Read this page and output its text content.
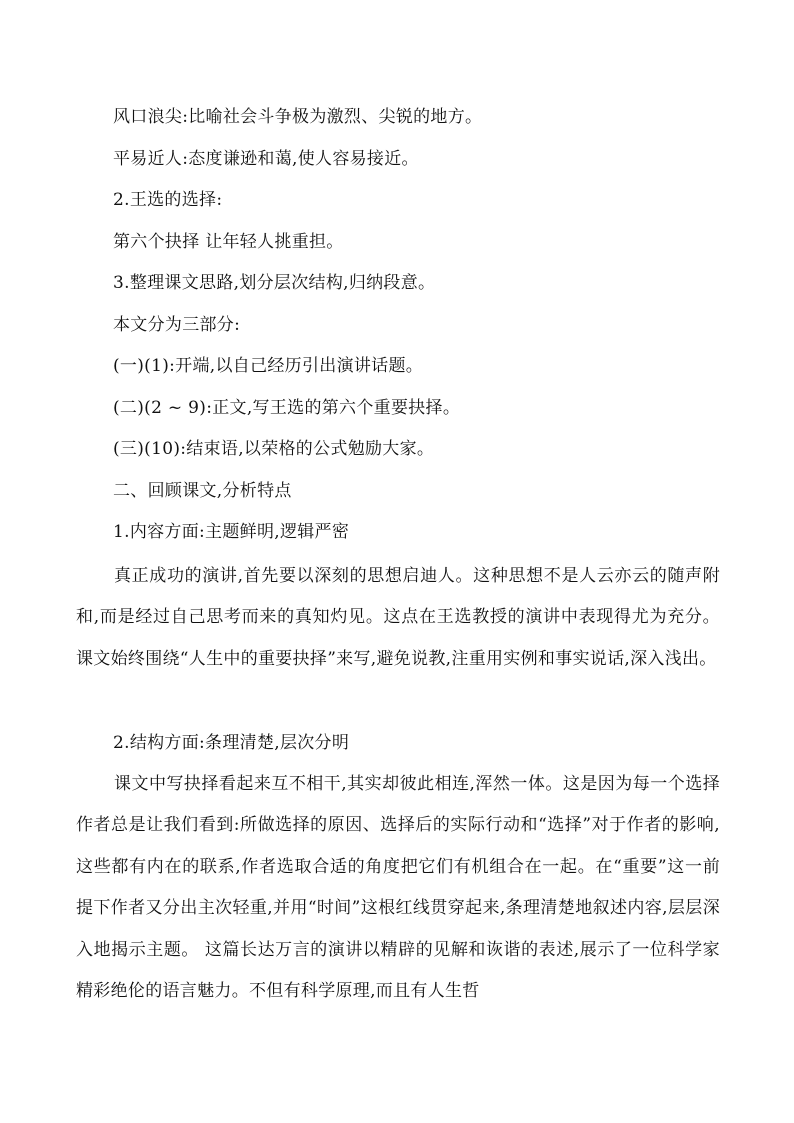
风口浪尖:比喻社会斗争极为激烈、尖锐的地方。
平易近人:态度谦逊和蔼,使人容易接近。
2.王选的选择:
第六个抉择 让年轻人挑重担。
3.整理课文思路,划分层次结构,归纳段意。
本文分为三部分:
(一)(1):开端,以自己经历引出演讲话题。
(二)(2 ~ 9):正文,写王选的第六个重要抉择。
(三)(10):结束语,以荣格的公式勉励大家。
二、回顾课文,分析特点
1.内容方面:主题鲜明,逻辑严密
真正成功的演讲,首先要以深刻的思想启迪人。这种思想不是人云亦云的随声附和,而是经过自己思考而来的真知灼见。这点在王选教授的演讲中表现得尤为充分。课文始终围绕“人生中的重要抉择”来写,避免说教,注重用实例和事实说话,深入浅出。
2.结构方面:条理清楚,层次分明
课文中写抉择看起来互不相干,其实却彼此相连,浑然一体。这是因为每一个选择作者总是让我们看到:所做选择的原因、选择后的实际行动和“选择”对于作者的影响,这些都有内在的联系,作者选取合适的角度把它们有机组合在一起。在“重要”这一前提下作者又分出主次轻重,并用“时间”这根红线贯穿起来,条理清楚地叙述内容,层层深入地揭示主题。 这篇长达万言的演讲以精辟的见解和诙谐的表述,展示了一位科学家精彩绝伦的语言魅力。不但有科学原理,而且有人生哲
